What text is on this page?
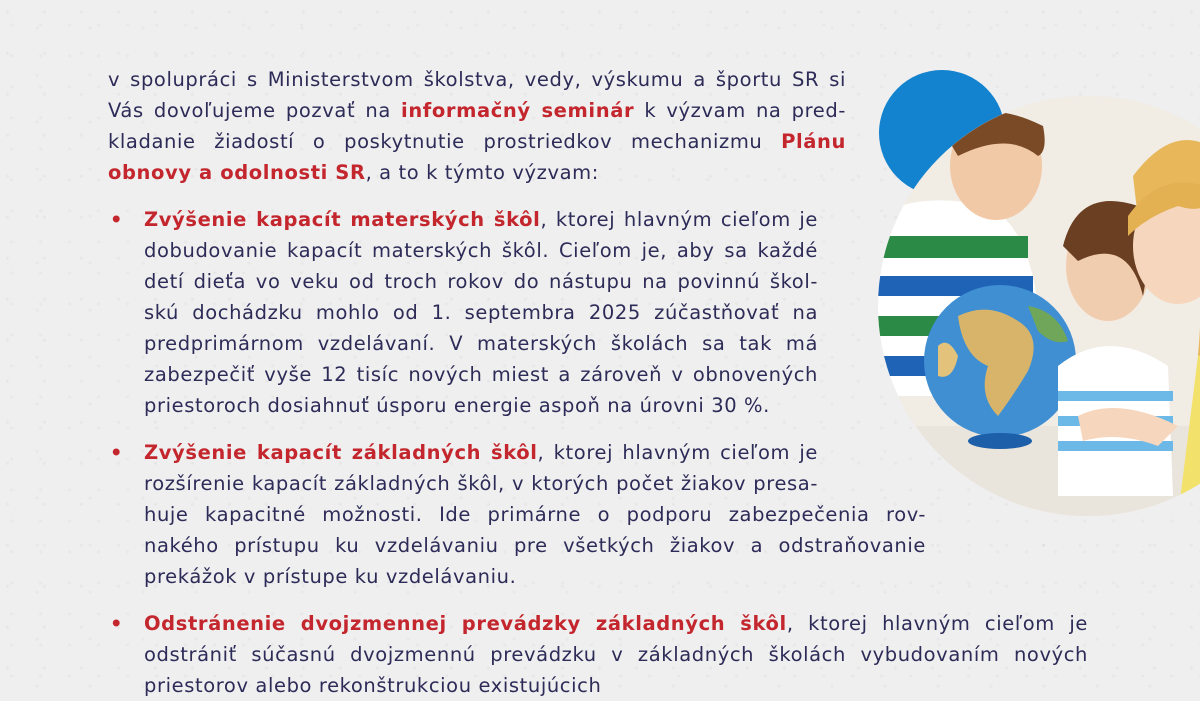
v spolupráci s Ministerstvom školstva, vedy, výskumu a športu SR si
Vás dovoľujeme pozvať na informačný seminár k výzvam na pred-
kladanie žiadostí o poskytnutie prostriedkov mechanizmu Plánu
obnovy a odolnosti SR, a to k týmto výzvam:

• Zvýšenie kapacít materských škôl, ktorej hlavným cieľom je
dobudovanie kapacít materských škôl. Cieľom je, aby sa každé
detí dieťa vo veku od troch rokov do nástupu na povinnú škol-
skú dochádzku mohlo od 1. septembra 2025 zúčastňovať na
predprimárnom vzdelávaní. V materských školách sa tak má
zabezpečiť vyše 12 tisíc nových miest a zároveň v obnovených
priestoroch dosiahnuť úsporu energie aspoň na úrovni 30 %.
• Zvýšenie kapacít základných škôl, ktorej hlavným cieľom je
rozšírenie kapacít základných škôl, v ktorých počet žiakov presa-
huje kapacitné možnosti. Ide primárne o podporu zabezpečenia rov-
nakého prístupu ku vzdelávaniu pre všetkých žiakov a odstraňovanie
prekážok v prístupe ku vzdelávaniu.
• Odstránenie dvojzmennej prevádzky základných škôl, ktorej hlavným cieľom je
odstrániť súčasnú dvojzmennú prevádzku v základných školách vybudovaním nových
priestorov alebo rekonštrukciou existujúcich
